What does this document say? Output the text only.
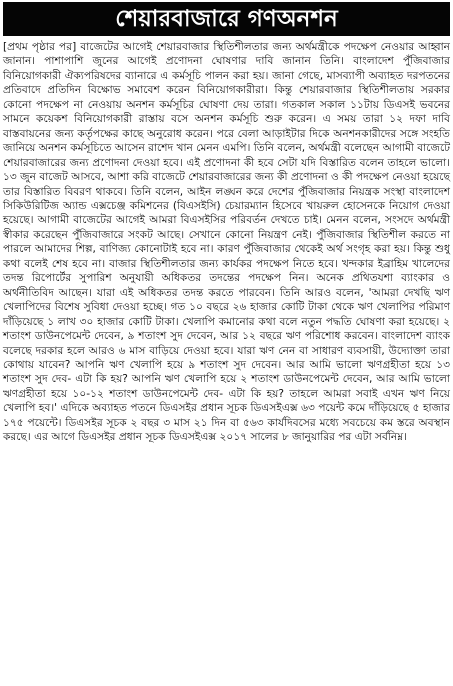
শেয়ারবাজারে গণঅনশন

[প্রথম পৃষ্ঠার পর] বাজেটের আগেই শেয়ারবাজার স্থিতিশীলতার জন্য অর্থমন্ত্রীকে পদক্ষেপ নেওয়ার আহ্বান জানান। পাশাপাশি জুনের আগেই প্রণোদনা ঘোষণার দাবি জানান তিনি। বাংলাদেশ পুঁজিবাজার বিনিয়োগকারী ঐক্যপরিষদের ব্যানারে এ কর্মসূচি পালন করা হয়। জানা গেছে, মাসব্যাপী অব্যাহত দরপতনের প্রতিবাদে প্রতিদিন বিক্ষোভ সমাবেশ করেন বিনিয়োগকারীরা। কিন্তু শেয়ারবাজার স্থিতিশীলতায় সরকার কোনো পদক্ষেপ না নেওয়ায় অনশন কর্মসূচির ঘোষণা দেয় তারা। গতকাল সকাল ১১টায় ডিএসই ভবনের সামনে কয়েকশ বিনিয়োগকারী রাস্তায় বসে অনশন কর্মসূচি শুরু করেন। এ সময় তারা ১২ দফা দাবি বাস্তবায়নের জন্য কর্তৃপক্ষের কাছে অনুরোধ করেন। পরে বেলা আড়াইটার দিকে অনশনকারীদের সঙ্গে সংহতি জানিয়ে অনশন কর্মসূচিতে আসেন রাশেদ খান মেনন এমপি। তিনি বলেন, অর্থমন্ত্রী বলেছেন আগামী বাজেটে শেয়ারবাজারের জন্য প্রণোদনা দেওয়া হবে। এই প্রণোদনা কী হবে সেটা যদি বিস্তারিত বলেন তাহলে ভালো। ১৩ জুন বাজেট আসবে, আশা করি বাজেটে শেয়ারবাজারের জন্য কী প্রণোদনা ও কী পদক্ষেপ নেওয়া হয়েছে তার বিস্তারিত বিবরণ থাকবে। তিনি বলেন, আইন লঙ্ঘন করে দেশের পুঁজিবাজার নিয়ন্ত্রক সংস্থা বাংলাদেশ সিকিউরিটিজ অ্যান্ড এক্সচেঞ্জ কমিশনের (বিএসইসি) চেয়ারম্যান হিসেবে খায়রুল হোসেনকে নিয়োগ দেওয়া হয়েছে। আগামী বাজেটের আগেই আমরা বিএসইসির পরিবর্তন দেখতে চাই। মেনন বলেন, সংসদে অর্থমন্ত্রী স্বীকার করেছেন পুঁজিবাজারে সংকট আছে। সেখানে কোনো নিয়ন্ত্রণ নেই। পুঁজিবাজার স্থিতিশীল করতে না পারলে আমাদের শিল্প, বাণিজ্য কোনোটাই হবে না। কারণ পুঁজিবাজার থেকেই অর্থ সংগৃহ করা হয়। কিন্তু শুধু কথা বলেই শেষ হবে না। বাজার স্থিতিশীলতার জন্য কার্যকর পদক্ষেপ নিতে হবে। খন্দকার ইব্রাহিম খালেদের তদন্ত রিপোর্টের সুপারিশ অনুযায়ী অধিকতর তদন্তের পদক্ষেপ নিন। অনেক প্রথিতযশা ব্যাংকার ও অর্থনীতিবিদ আছেন। যারা এই অধিকতর তদন্ত করতে পারবেন। তিনি আরও বলেন, 'আমরা দেখছি ঋণ খেলাপিদের বিশেষ সুবিধা দেওয়া হচ্ছে। গত ১০ বছরে ২৬ হাজার কোটি টাকা থেকে ঋণ খেলাপির পরিমাণ দাঁড়িয়েছে ১ লাখ ৩০ হাজার কোটি টাকা। খেলাপি কমানোর কথা বলে নতুন পদ্ধতি ঘোষণা করা হয়েছে। ২ শতাংশ ডাউনপেমেন্ট দেবেন, ৯ শতাংশ সুদ দেবেন, আর ১২ বছরে ঋণ পরিশোধ করবেন। বাংলাদেশ ব্যাংক বলেছে দরকার হলে আরও ৬ মাস বাড়িয়ে দেওয়া হবে। যারা ঋণ নেন বা সাধারণ ব্যবসায়ী, উদ্যোক্তা তারা কোথায় যাবেন? আপনি ঋণ খেলাপি হয়ে ৯ শতাংশ সুদ দেবেন। আর আমি ভালো ঋণগ্রহীতা হয়ে ১৩ শতাংশ সুদ দেব- এটা কি হয়? আপনি ঋণ খেলাপি হয়ে ২ শতাংশ ডাউনপেমেন্ট দেবেন, আর আমি ভালো ঋণগ্রহীতা হয়ে ১০-১২ শতাংশ ডাউনপেমেন্ট দেব- এটা কি হয়? তাহলে আমরা সবাই এখন ঋণ নিয়ে খেলাপি হব।' এদিকে অব্যাহত পতনে ডিএসইর প্রধান সূচক ডিএসইএক্স ৬৩ পয়েন্ট কমে দাঁড়িয়েছে ৫ হাজার ১৭৫ পয়েন্টে। ডিএসইর সূচক ২ বছর ৩ মাস ২১ দিন বা ৫৬৩ কার্যদিবসের মধ্যে সবচেয়ে কম স্তরে অবস্থান করছে। এর আগে ডিএসইর প্রধান সূচক ডিএসইএক্স ২০১৭ সালের ৮ জানুয়ারির পর এটা সর্বনিম্ন।
